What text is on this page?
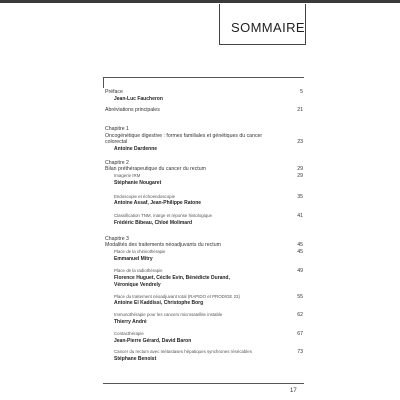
SOMMAIRE
Préface	5
Jean-Luc Faucheron
Abréviations principales	21
Chapitre 1
Oncogénétique digestive : formes familiales et génétiques du cancer
colorectal	23
Antoine Dardenne
Chapitre 2
Bilan préthérapeutique du cancer du rectum	29
Imagerie IRM	29
Stéphanie Nougaret
Endoscopie et échoendoscopie	35
Antoine Assaf, Jean-Philippe Ratone
Classification TNM, marge et réponse histologique	41
Frédéric Bibeau, Chloé Molimard
Chapitre 3
Modalités des traitements néoadjuvants du rectum	45
Place de la chimiothérapie	45
Emmanuel Mitry
Place de la radiothérapie	49
Florence Huguet, Cécile Evin, Bénédicte Durand,
Véronique Vendrely
Place du traitement néoadjuvant total (RAPIDO et PRODIGE 23)	55
Antoine El Kaddissi, Christophe Borg
Immunothérapie pour les cancers microsatellite instable	62
Thierry André
Contacthérapie	67
Jean-Pierre Gérard, David Baron
Cancer du rectum avec métastases hépatiques synchrones résécables	73
Stéphane Benoist
17
